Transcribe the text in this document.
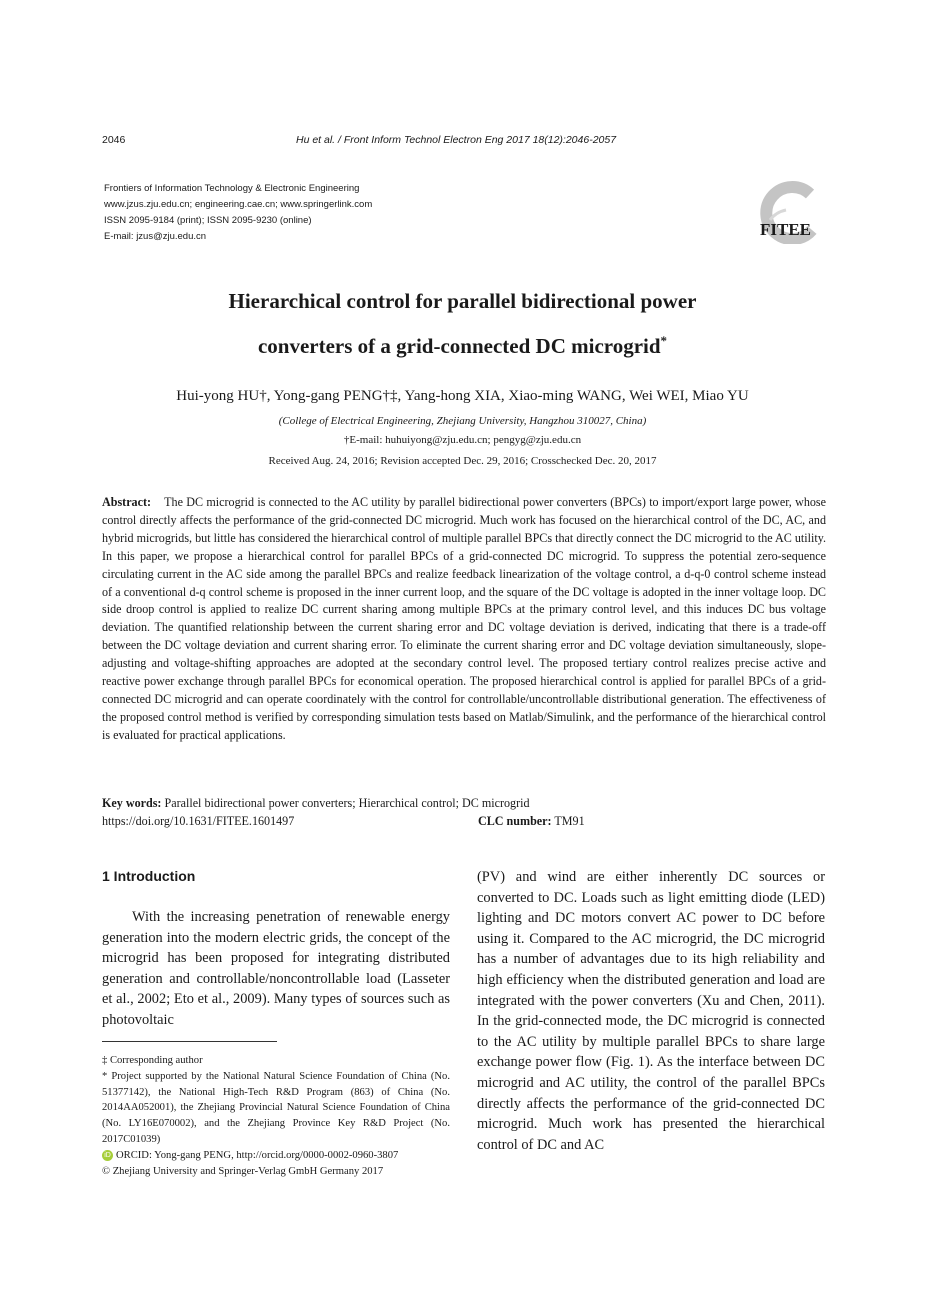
2046	Hu et al. / Front Inform Technol Electron Eng 2017 18(12):2046-2057
Frontiers of Information Technology & Electronic Engineering
www.jzus.zju.edu.cn; engineering.cae.cn; www.springerlink.com
ISSN 2095-9184 (print); ISSN 2095-9230 (online)
E-mail: jzus@zju.edu.cn	FITEE
Hierarchical control for parallel bidirectional power
converters of a grid-connected DC microgrid*
Hui-yong HU†, Yong-gang PENG†‡, Yang-hong XIA, Xiao-ming WANG, Wei WEI, Miao YU
(College of Electrical Engineering, Zhejiang University, Hangzhou 310027, China)
†E-mail: huhuiyong@zju.edu.cn; pengyg@zju.edu.cn
Received Aug. 24, 2016; Revision accepted Dec. 29, 2016; Crosschecked Dec. 20, 2017
Abstract: The DC microgrid is connected to the AC utility by parallel bidirectional power converters (BPCs) to import/export large power, whose control directly affects the performance of the grid-connected DC microgrid. Much work has focused on the hierarchical control of the DC, AC, and hybrid microgrids, but little has considered the hierarchical control of multiple parallel BPCs that directly connect the DC microgrid to the AC utility. In this paper, we propose a hierarchical control for parallel BPCs of a grid-connected DC microgrid. To suppress the potential zero-sequence circulating current in the AC side among the parallel BPCs and realize feedback linearization of the voltage control, a d-q-0 control scheme instead of a conventional d-q control scheme is proposed in the inner current loop, and the square of the DC voltage is adopted in the inner voltage loop. DC side droop control is applied to realize DC current sharing among multiple BPCs at the primary control level, and this induces DC bus voltage deviation. The quantified relationship between the current sharing error and DC voltage deviation is derived, indicating that there is a trade-off between the DC voltage deviation and current sharing error. To eliminate the current sharing error and DC voltage deviation simultaneously, slope-adjusting and voltage-shifting approaches are adopted at the secondary control level. The proposed tertiary control realizes precise active and reactive power exchange through parallel BPCs for economical operation. The proposed hierarchical control is applied for parallel BPCs of a grid-connected DC microgrid and can operate coordinately with the control for controllable/uncontrollable distributional generation. The effectiveness of the proposed control method is verified by corresponding simulation tests based on Matlab/Simulink, and the performance of the hierarchical control is evaluated for practical applications.
Key words: Parallel bidirectional power converters; Hierarchical control; DC microgrid
https://doi.org/10.1631/FITEE.1601497	CLC number: TM91
1 Introduction
With the increasing penetration of renewable energy generation into the modern electric grids, the concept of the microgrid has been proposed for integrating distributed generation and controllable/noncontrollable load (Lasseter et al., 2002; Eto et al., 2009). Many types of sources such as photovoltaic
(PV) and wind are either inherently DC sources or converted to DC. Loads such as light emitting diode (LED) lighting and DC motors convert AC power to DC before using it. Compared to the AC microgrid, the DC microgrid has a number of advantages due to its high reliability and high efficiency when the distributed generation and load are integrated with the power converters (Xu and Chen, 2011). In the grid-connected mode, the DC microgrid is connected to the AC utility by multiple parallel BPCs to share large exchange power flow (Fig. 1). As the interface between DC microgrid and AC utility, the control of the parallel BPCs directly affects the performance of the grid-connected DC microgrid. Much work has presented the hierarchical control of DC and AC
‡ Corresponding author
* Project supported by the National Natural Science Foundation of China (No. 51377142), the National High-Tech R&D Program (863) of China (No. 2014AA052001), the Zhejiang Provincial Natural Science Foundation of China (No. LY16E070002), and the Zhejiang Province Key R&D Project (No. 2017C01039)
iD ORCID: Yong-gang PENG, http://orcid.org/0000-0002-0960-3807
© Zhejiang University and Springer-Verlag GmbH Germany 2017
